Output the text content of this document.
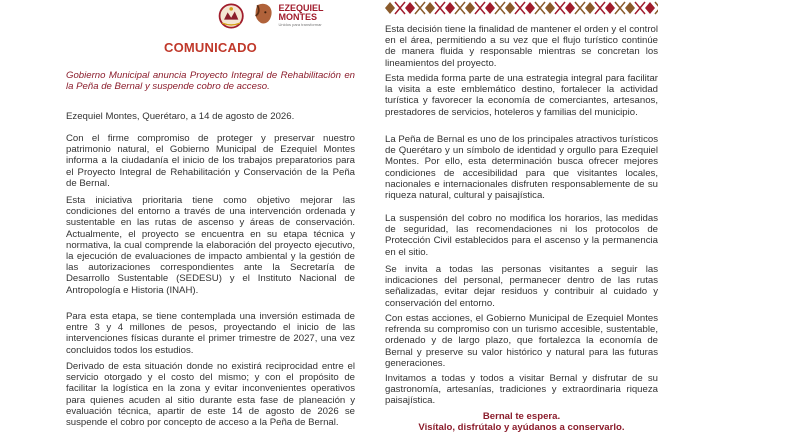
EZEQUIEL MONTES
Unidos para transformar
COMUNICADO

Gobierno Municipal anuncia Proyecto Integral de Rehabilitación en la Peña de Bernal y suspende cobro de acceso.

Ezequiel Montes, Querétaro, a 14 de agosto de 2026.

Con el firme compromiso de proteger y preservar nuestro patrimonio natural, el Gobierno Municipal de Ezequiel Montes informa a la ciudadanía el inicio de los trabajos preparatorios para el Proyecto Integral de Rehabilitación y Conservación de la Peña de Bernal.

Esta iniciativa prioritaria tiene como objetivo mejorar las condiciones del entorno a través de una intervención ordenada y sustentable en las rutas de ascenso y áreas de conservación. Actualmente, el proyecto se encuentra en su etapa técnica y normativa, la cual comprende la elaboración del proyecto ejecutivo, la ejecución de evaluaciones de impacto ambiental y la gestión de las autorizaciones correspondientes ante la Secretaría de Desarrollo Sustentable (SEDESU) y el Instituto Nacional de Antropología e Historia (INAH).

Para esta etapa, se tiene contemplada una inversión estimada de entre 3 y 4 millones de pesos, proyectando el inicio de las intervenciones físicas durante el primer trimestre de 2027, una vez concluidos todos los estudios.

Derivado de esta situación donde no existirá reciprocidad entre el servicio otorgado y el costo del mismo; y con el propósito de facilitar la logística en la zona y evitar inconvenientes operativos para quienes acuden al sitio durante esta fase de planeación y evaluación técnica, apartir de este 14 de agosto de 2026 se suspende el cobro por concepto de acceso a la Peña de Bernal.

Esta decisión tiene la finalidad de mantener el orden y el control en el área, permitiendo a su vez que el flujo turístico continúe de manera fluida y responsable mientras se concretan los lineamientos del proyecto.

Esta medida forma parte de una estrategia integral para facilitar la visita a este emblemático destino, fortalecer la actividad turística y favorecer la economía de comerciantes, artesanos, prestadores de servicios, hoteleros y familias del municipio.

La Peña de Bernal es uno de los principales atractivos turísticos de Querétaro y un símbolo de identidad y orgullo para Ezequiel Montes. Por ello, esta determinación busca ofrecer mejores condiciones de accesibilidad para que visitantes locales, nacionales e internacionales disfruten responsablemente de su riqueza natural, cultural y paisajística.

La suspensión del cobro no modifica los horarios, las medidas de seguridad, las recomendaciones ni los protocolos de Protección Civil establecidos para el ascenso y la permanencia en el sitio.

Se invita a todas las personas visitantes a seguir las indicaciones del personal, permanecer dentro de las rutas señalizadas, evitar dejar residuos y contribuir al cuidado y conservación del entorno.

Con estas acciones, el Gobierno Municipal de Ezequiel Montes refrenda su compromiso con un turismo accesible, sustentable, ordenado y de largo plazo, que fortalezca la economía de Bernal y preserve su valor histórico y natural para las futuras generaciones.

Invitamos a todas y todos a visitar Bernal y disfrutar de su gastronomía, artesanías, tradiciones y extraordinaria riqueza paisajística.

Bernal te espera.
Visítalo, disfrútalo y ayúdanos a conservarlo.
